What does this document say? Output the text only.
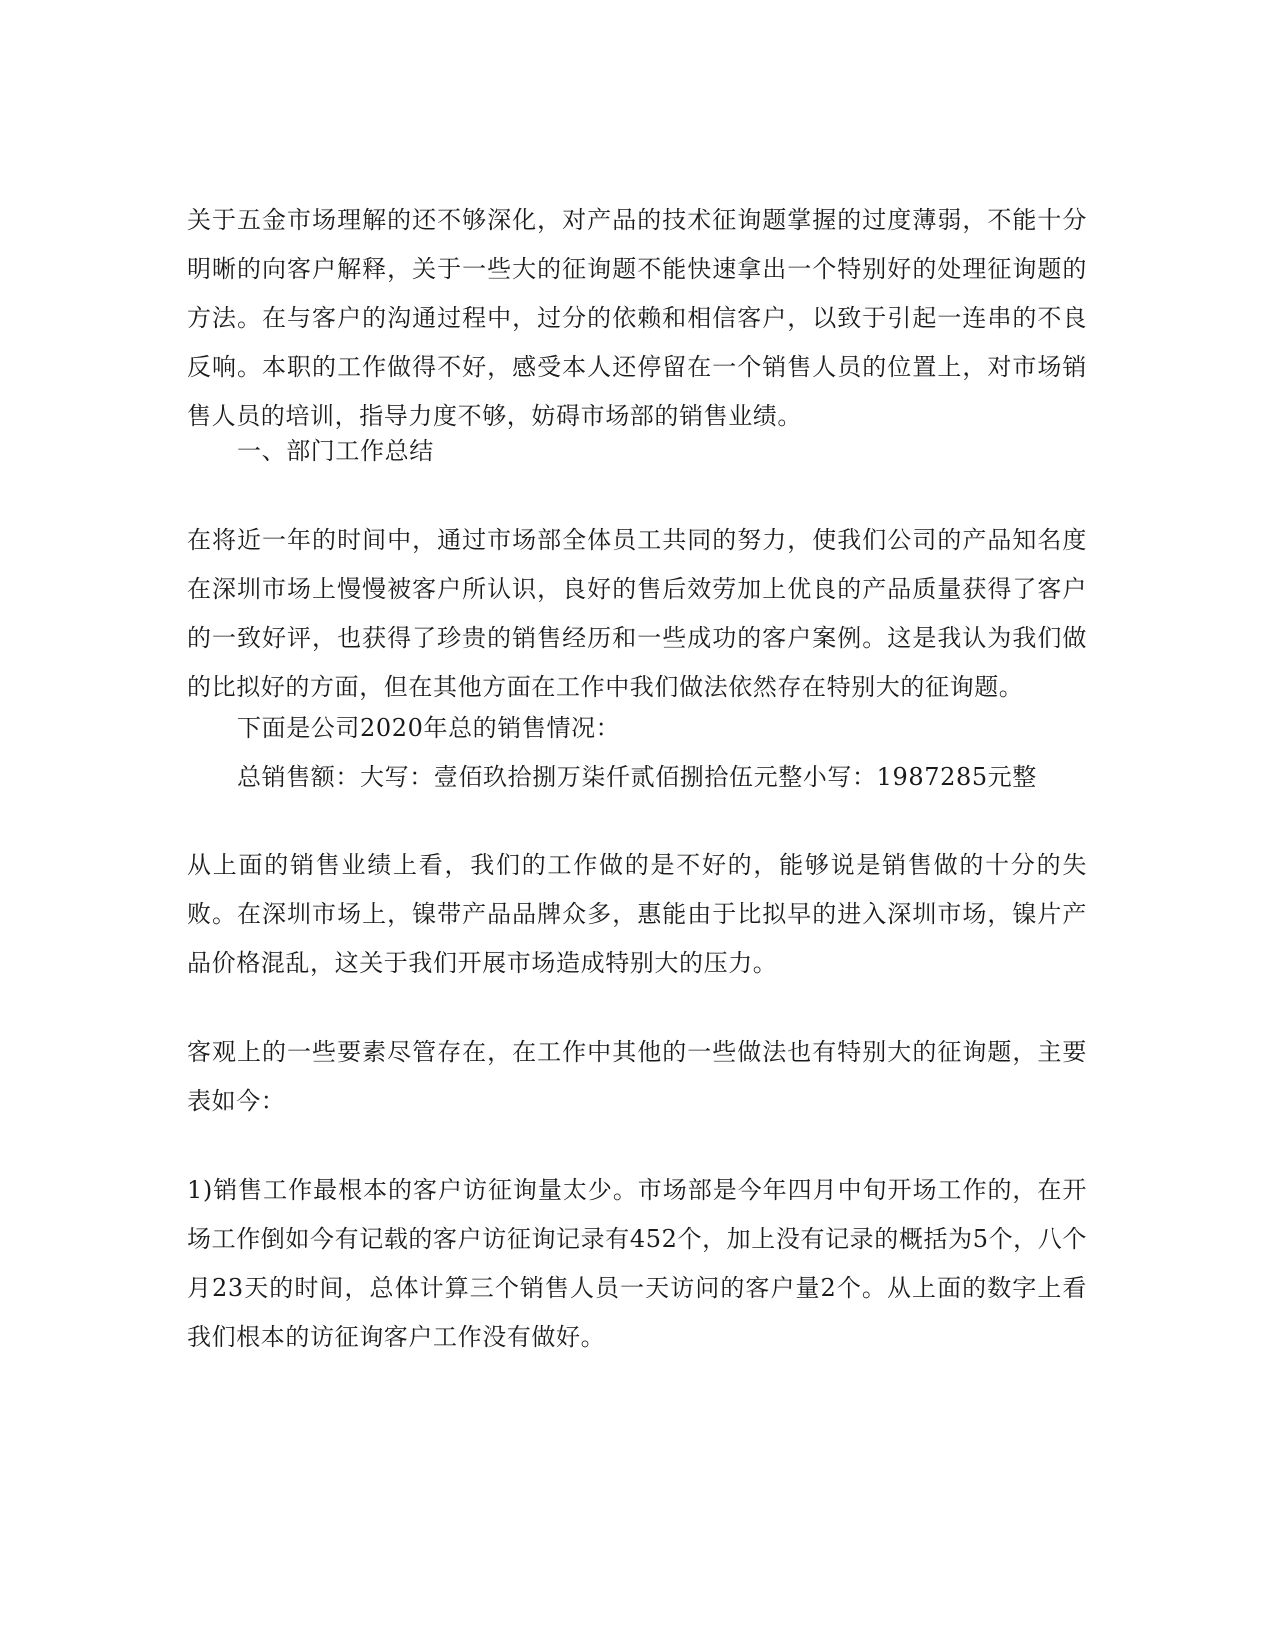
关于五金市场理解的还不够深化，对产品的技术征询题掌握的过度薄弱，不能十分明晰的向客户解释，关于一些大的征询题不能快速拿出一个特别好的处理征询题的方法。在与客户的沟通过程中，过分的依赖和相信客户，以致于引起一连串的不良反响。本职的工作做得不好，感受本人还停留在一个销售人员的位置上，对市场销售人员的培训，指导力度不够，妨碍市场部的销售业绩。

一、部门工作总结

在将近一年的时间中，通过市场部全体员工共同的努力，使我们公司的产品知名度在深圳市场上慢慢被客户所认识，良好的售后效劳加上优良的产品质量获得了客户的一致好评，也获得了珍贵的销售经历和一些成功的客户案例。这是我认为我们做的比拟好的方面，但在其他方面在工作中我们做法依然存在特别大的征询题。

下面是公司2020年总的销售情况：

总销售额：大写：壹佰玖拾捌万柒仟贰佰捌拾伍元整小写：1987285元整

从上面的销售业绩上看，我们的工作做的是不好的，能够说是销售做的十分的失败。在深圳市场上，镍带产品品牌众多，惠能由于比拟早的进入深圳市场，镍片产品价格混乱，这关于我们开展市场造成特别大的压力。

客观上的一些要素尽管存在，在工作中其他的一些做法也有特别大的征询题，主要表如今：

1)销售工作最根本的客户访征询量太少。市场部是今年四月中旬开场工作的，在开场工作倒如今有记载的客户访征询记录有452个，加上没有记录的概括为5个，八个月23天的时间，总体计算三个销售人员一天访问的客户量2个。从上面的数字上看我们根本的访征询客户工作没有做好。
